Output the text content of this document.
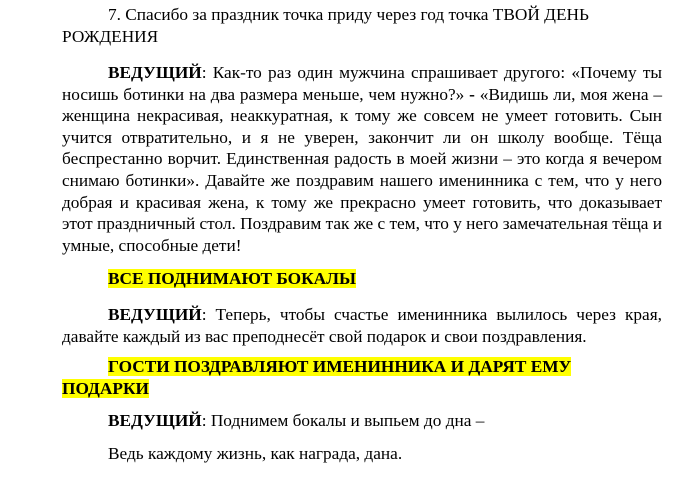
7. Спасибо за праздник точка приду через год точка ТВОЙ ДЕНЬ
РОЖДЕНИЯ
ВЕДУЩИЙ: Как-то раз один мужчина спрашивает другого: «Почему ты носишь ботинки на два размера меньше, чем нужно?» - «Видишь ли, моя жена – женщина некрасивая, неаккуратная, к тому же совсем не умеет готовить. Сын учится отвратительно, и я не уверен, закончит ли он школу вообще. Тёща беспрестанно ворчит. Единственная радость в моей жизни – это когда я вечером снимаю ботинки». Давайте же поздравим нашего именинника с тем, что у него добрая и красивая жена, к тому же прекрасно умеет готовить, что доказывает этот праздничный стол. Поздравим так же с тем, что у него замечательная тёща и умные, способные дети!
ВСЕ ПОДНИМАЮТ БОКАЛЫ
ВЕДУЩИЙ: Теперь, чтобы счастье именинника вылилось через края, давайте каждый из вас преподнесёт свой подарок и свои поздравления.
ГОСТИ ПОЗДРАВЛЯЮТ ИМЕНИННИКА И ДАРЯТ ЕМУ
ПОДАРКИ
ВЕДУЩИЙ: Поднимем бокалы и выпьем до дна –
Ведь каждому жизнь, как награда, дана.
